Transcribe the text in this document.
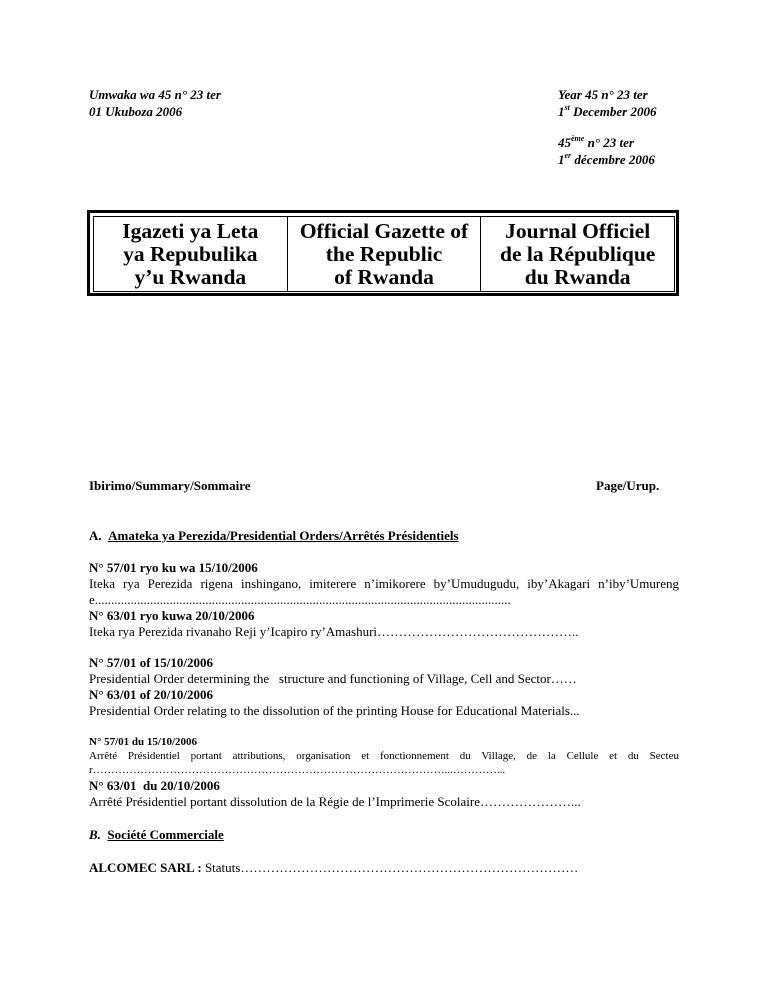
Umwaka wa 45 n° 23 ter
01 Ukuboza 2006
Year 45 n° 23 ter
1st December 2006
45ème n° 23 ter
1er décembre 2006
Igazeti ya Leta
ya Repubulika
y’u Rwanda
Official Gazette of
the Republic
of Rwanda
Journal Officiel
de la République
du Rwanda
Ibirimo/Summary/Sommaire	Page/Urup.
A. Amateka ya Perezida/Presidential Orders/Arrêtés Présidentiels
N° 57/01 ryo ku wa 15/10/2006
Iteka rya Perezida rigena inshingano, imiterere n’imikorere by’Umudugudu, iby’Akagari n’iby’Umurenge................................................................................................................................
N° 63/01 ryo kuwa 20/10/2006
Iteka rya Perezida rivanaho Reji y’Icapiro ry’Amashuri………………………………………..
N° 57/01 of 15/10/2006
Presidential Order determining the   structure and functioning of Village, Cell and Sector……
N° 63/01 of 20/10/2006
Presidential Order relating to the dissolution of the printing House for Educational Materials...
N° 57/01 du 15/10/2006
Arrêté Présidentiel portant attributions, organisation et fonctionnement du Village, de la Cellule et du Secteur……………………………………………………………………………………...…………...
N° 63/01  du 20/10/2006
Arrêté Présidentiel portant dissolution de la Régie de l’Imprimerie Scolaire…………………...
B. Société Commerciale
ALCOMEC SARL : Statuts……………………………………………………………………
